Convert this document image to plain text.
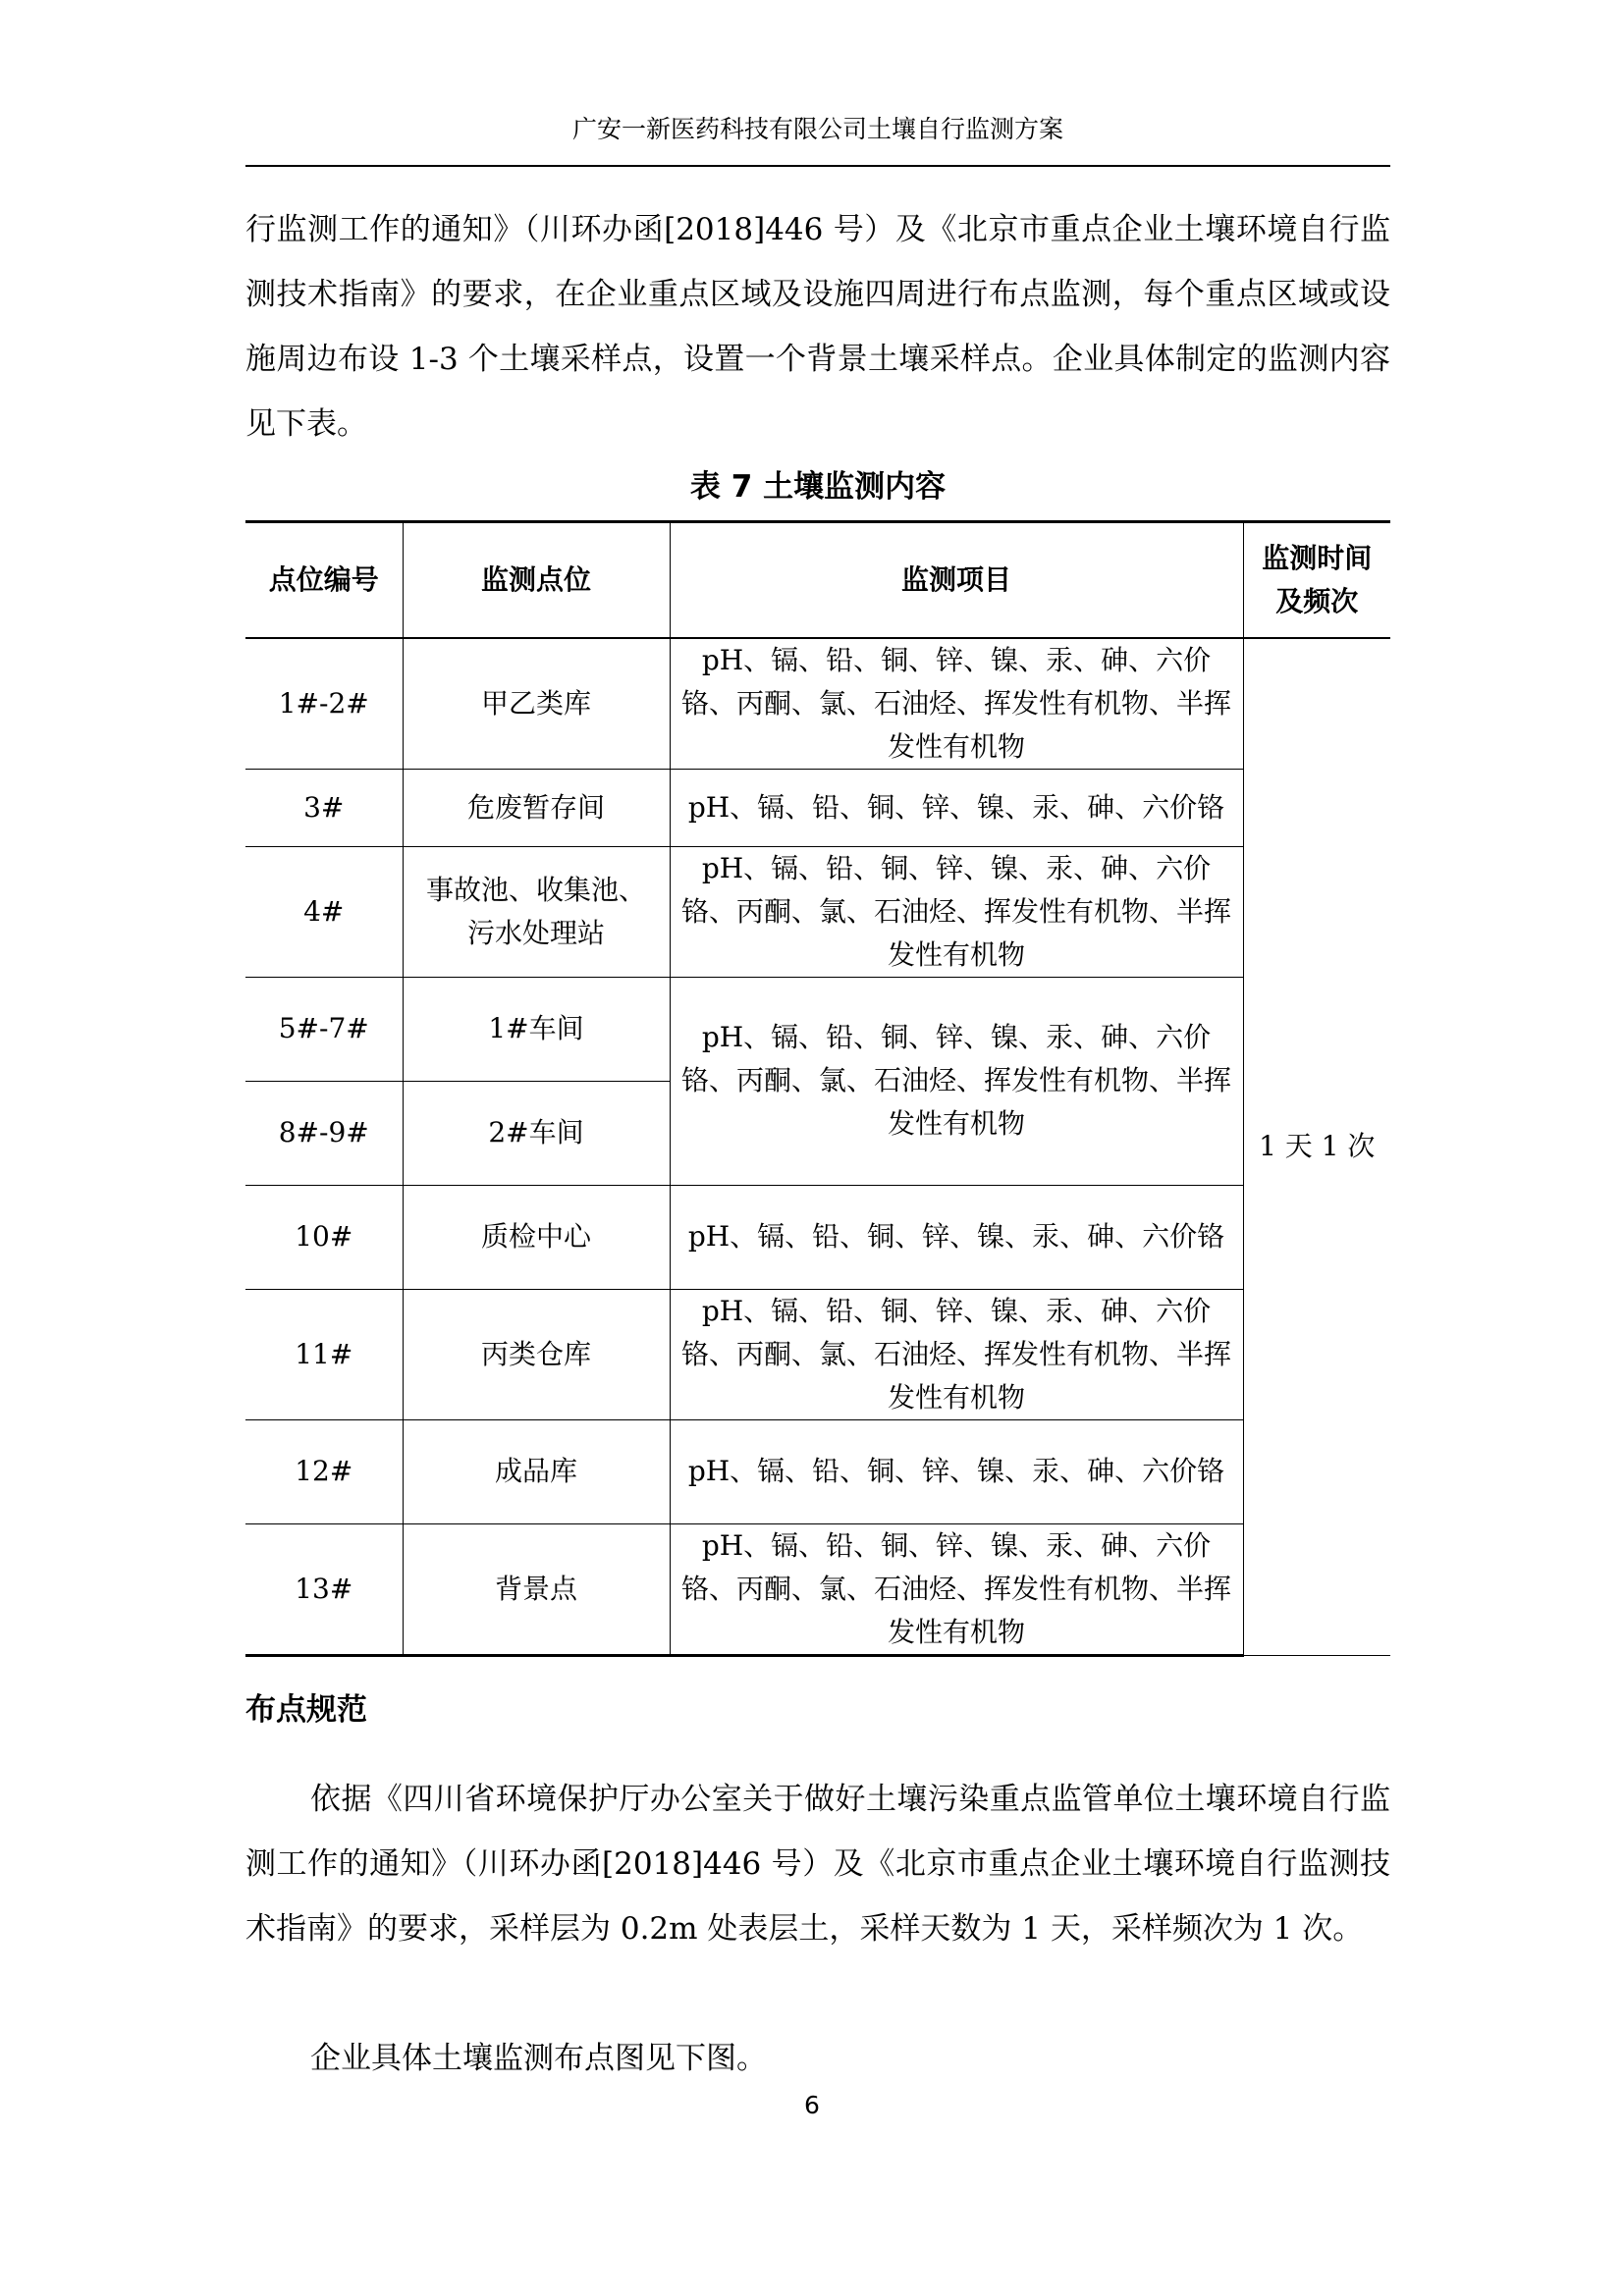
广安一新医药科技有限公司土壤自行监测方案

行监测工作的通知》（川环办函[2018]446 号）及《北京市重点企业土壤环境自行监测技术指南》的要求，在企业重点区域及设施四周进行布点监测，每个重点区域或设施周边布设 1-3 个土壤采样点，设置一个背景土壤采样点。企业具体制定的监测内容见下表。

表 7 土壤监测内容
点位编号	监测点位	监测项目	监测时间及频次
1#-2#	甲乙类库	pH、镉、铅、铜、锌、镍、汞、砷、六价铬、丙酮、氯、石油烃、挥发性有机物、半挥发性有机物	1 天 1 次
3#	危废暂存间	pH、镉、铅、铜、锌、镍、汞、砷、六价铬	
4#	事故池、收集池、污水处理站	pH、镉、铅、铜、锌、镍、汞、砷、六价铬、丙酮、氯、石油烃、挥发性有机物、半挥发性有机物	
5#-7#	1#车间	pH、镉、铅、铜、锌、镍、汞、砷、六价铬、丙酮、氯、石油烃、挥发性有机物、半挥发性有机物	
8#-9#	2#车间		
10#	质检中心	pH、镉、铅、铜、锌、镍、汞、砷、六价铬	
11#	丙类仓库	pH、镉、铅、铜、锌、镍、汞、砷、六价铬、丙酮、氯、石油烃、挥发性有机物、半挥发性有机物	
12#	成品库	pH、镉、铅、铜、锌、镍、汞、砷、六价铬	
13#	背景点	pH、镉、铅、铜、锌、镍、汞、砷、六价铬、丙酮、氯、石油烃、挥发性有机物、半挥发性有机物	
布点规范

依据《四川省环境保护厅办公室关于做好土壤污染重点监管单位土壤环境自行监测工作的通知》（川环办函[2018]446 号）及《北京市重点企业土壤环境自行监测技术指南》的要求，采样层为 0.2m 处表层土，采样天数为 1 天，采样频次为 1 次。

企业具体土壤监测布点图见下图。

6
